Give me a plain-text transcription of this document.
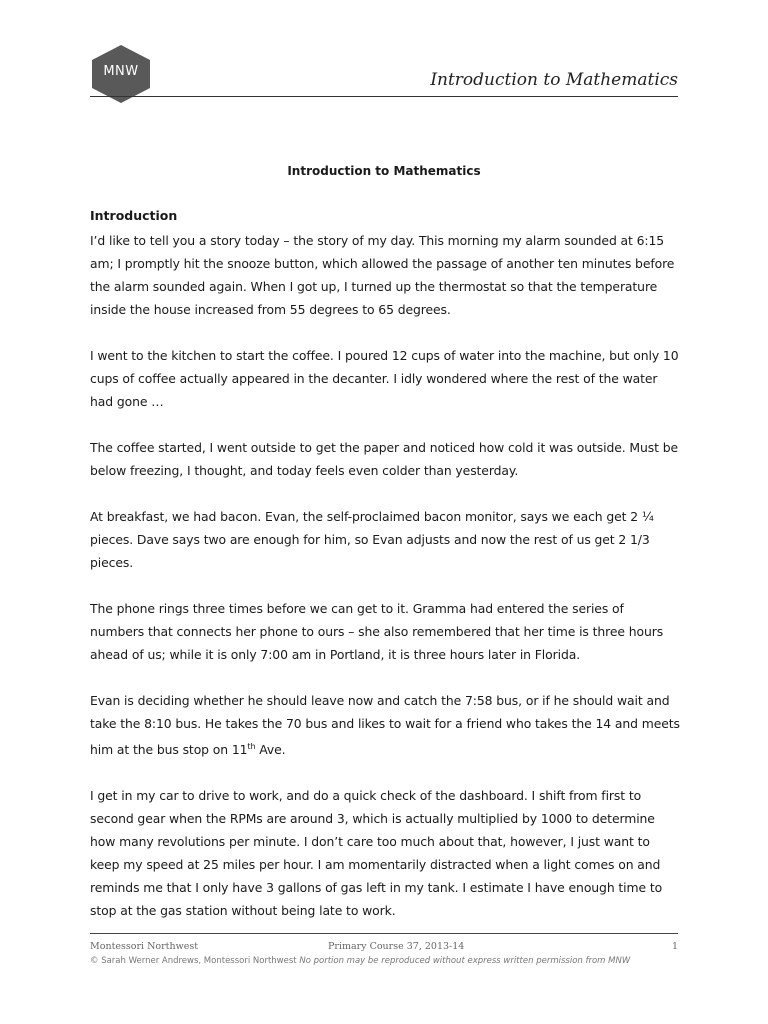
MNW	Introduction to Mathematics
Introduction to Mathematics
Introduction

I’d like to tell you a story today – the story of my day. This morning my alarm sounded at 6:15 am; I promptly hit the snooze button, which allowed the passage of another ten minutes before the alarm sounded again. When I got up, I turned up the thermostat so that the temperature inside the house increased from 55 degrees to 65 degrees.

I went to the kitchen to start the coffee. I poured 12 cups of water into the machine, but only 10 cups of coffee actually appeared in the decanter. I idly wondered where the rest of the water had gone …

The coffee started, I went outside to get the paper and noticed how cold it was outside. Must be below freezing, I thought, and today feels even colder than yesterday.

At breakfast, we had bacon. Evan, the self-proclaimed bacon monitor, says we each get 2 ¼ pieces. Dave says two are enough for him, so Evan adjusts and now the rest of us get 2 1/3 pieces.

The phone rings three times before we can get to it. Gramma had entered the series of numbers that connects her phone to ours – she also remembered that her time is three hours ahead of us; while it is only 7:00 am in Portland, it is three hours later in Florida.

Evan is deciding whether he should leave now and catch the 7:58 bus, or if he should wait and take the 8:10 bus. He takes the 70 bus and likes to wait for a friend who takes the 14 and meets him at the bus stop on 11th Ave.

I get in my car to drive to work, and do a quick check of the dashboard. I shift from first to second gear when the RPMs are around 3, which is actually multiplied by 1000 to determine how many revolutions per minute. I don’t care too much about that, however, I just want to keep my speed at 25 miles per hour. I am momentarily distracted when a light comes on and reminds me that I only have 3 gallons of gas left in my tank. I estimate I have enough time to stop at the gas station without being late to work.

Montessori Northwest	Primary Course 37, 2013-14	1
© Sarah Werner Andrews, Montessori Northwest No portion may be reproduced without express written permission from MNW
